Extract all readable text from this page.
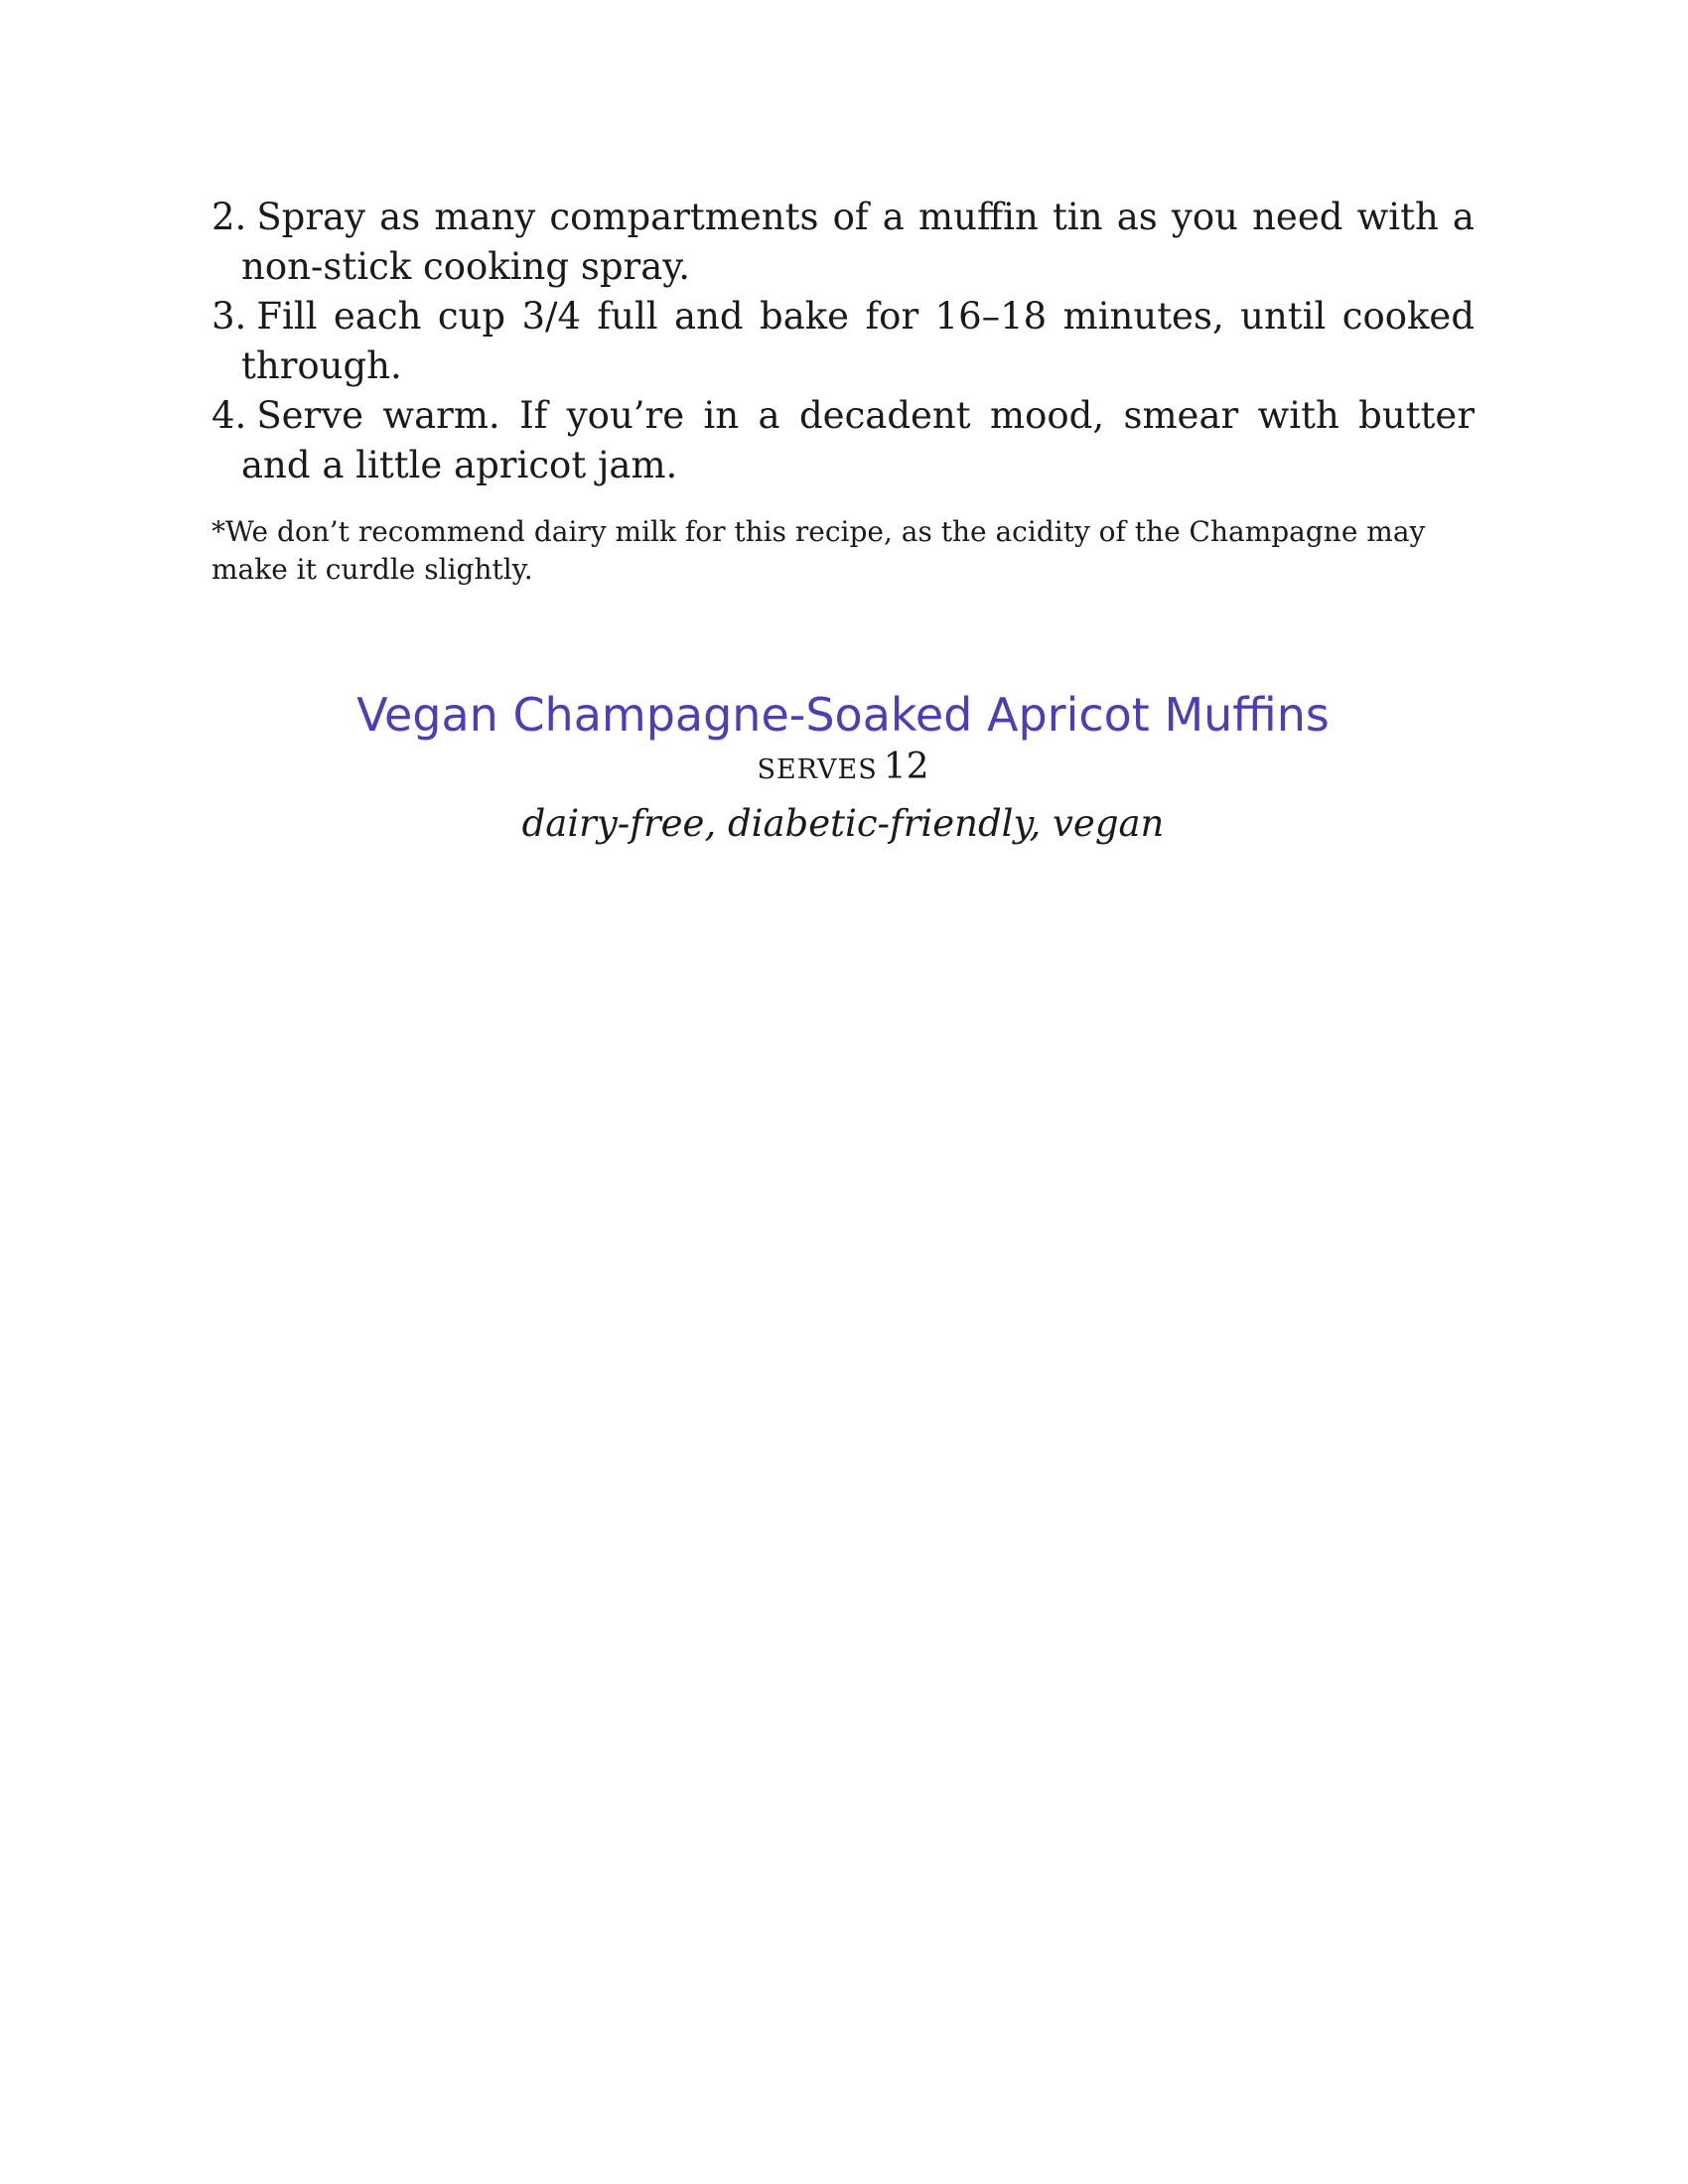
2. Spray as many compartments of a muffin tin as you need with a non-stick cooking spray.
3. Fill each cup 3/4 full and bake for 16–18 minutes, until cooked through.
4. Serve warm. If you’re in a decadent mood, smear with butter and a little apricot jam.

*We don’t recommend dairy milk for this recipe, as the acidity of the Champagne may make it curdle slightly.

Vegan Champagne-Soaked Apricot Muffins

SERVES 12

dairy-free, diabetic-friendly, vegan
